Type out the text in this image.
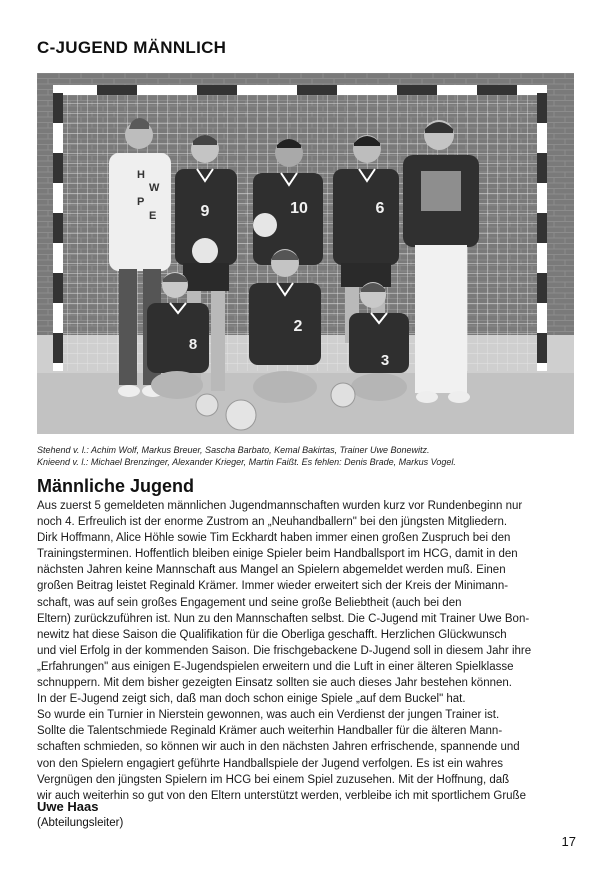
C-JUGEND MÄNNLICH
H
W
P
E	9	10	6
8
2
3
Stehend v. l.: Achim Wolf, Markus Breuer, Sascha Barbato, Kemal Bakirtas, Trainer Uwe Bonewitz.
Knieend v. l.: Michael Brenzinger, Alexander Krieger, Martin Faißt. Es fehlen: Denis Brade, Markus Vogel.
Männliche Jugend
Aus zuerst 5 gemeldeten männlichen Jugendmannschaften wurden kurz vor Rundenbeginn nur
noch 4. Erfreulich ist der enorme Zustrom an „Neuhandballern" bei den jüngsten Mitgliedern.
Dirk Hoffmann, Alice Höhle sowie Tim Eckhardt haben immer einen großen Zuspruch bei den
Trainingsterminen. Hoffentlich bleiben einige Spieler beim Handballsport im HCG, damit in den
nächsten Jahren keine Mannschaft aus Mangel an Spielern abgemeldet werden muß. Einen
großen Beitrag leistet Reginald Krämer. Immer wieder erweitert sich der Kreis der Minimann-
schaft, was auf sein großes Engagement und seine große Beliebtheit (auch bei den
Eltern) zurückzuführen ist. Nun zu den Mannschaften selbst. Die C-Jugend mit Trainer Uwe Bon-
newitz hat diese Saison die Qualifikation für die Oberliga geschafft. Herzlichen Glückwunsch
und viel Erfolg in der kommenden Saison. Die frischgebackene D-Jugend soll in diesem Jahr ihre
„Erfahrungen" aus einigen E-Jugendspielen erweitern und die Luft in einer älteren Spielklasse
schnuppern. Mit dem bisher gezeigten Einsatz sollten sie auch dieses Jahr bestehen können.
In der E-Jugend zeigt sich, daß man doch schon einige Spiele „auf dem Buckel" hat.
So wurde ein Turnier in Nierstein gewonnen, was auch ein Verdienst der jungen Trainer ist.
Sollte die Talentschmiede Reginald Krämer auch weiterhin Handballer für die älteren Mann-
schaften schmieden, so können wir auch in den nächsten Jahren erfrischende, spannende und
von den Spielern engagiert geführte Handballspiele der Jugend verfolgen. Es ist ein wahres
Vergnügen den jüngsten Spielern im HCG bei einem Spiel zuzusehen. Mit der Hoffnung, daß
wir auch weiterhin so gut von den Eltern unterstützt werden, verbleibe ich mit sportlichem Gruße
Uwe Haas
(Abteilungsleiter)
17
